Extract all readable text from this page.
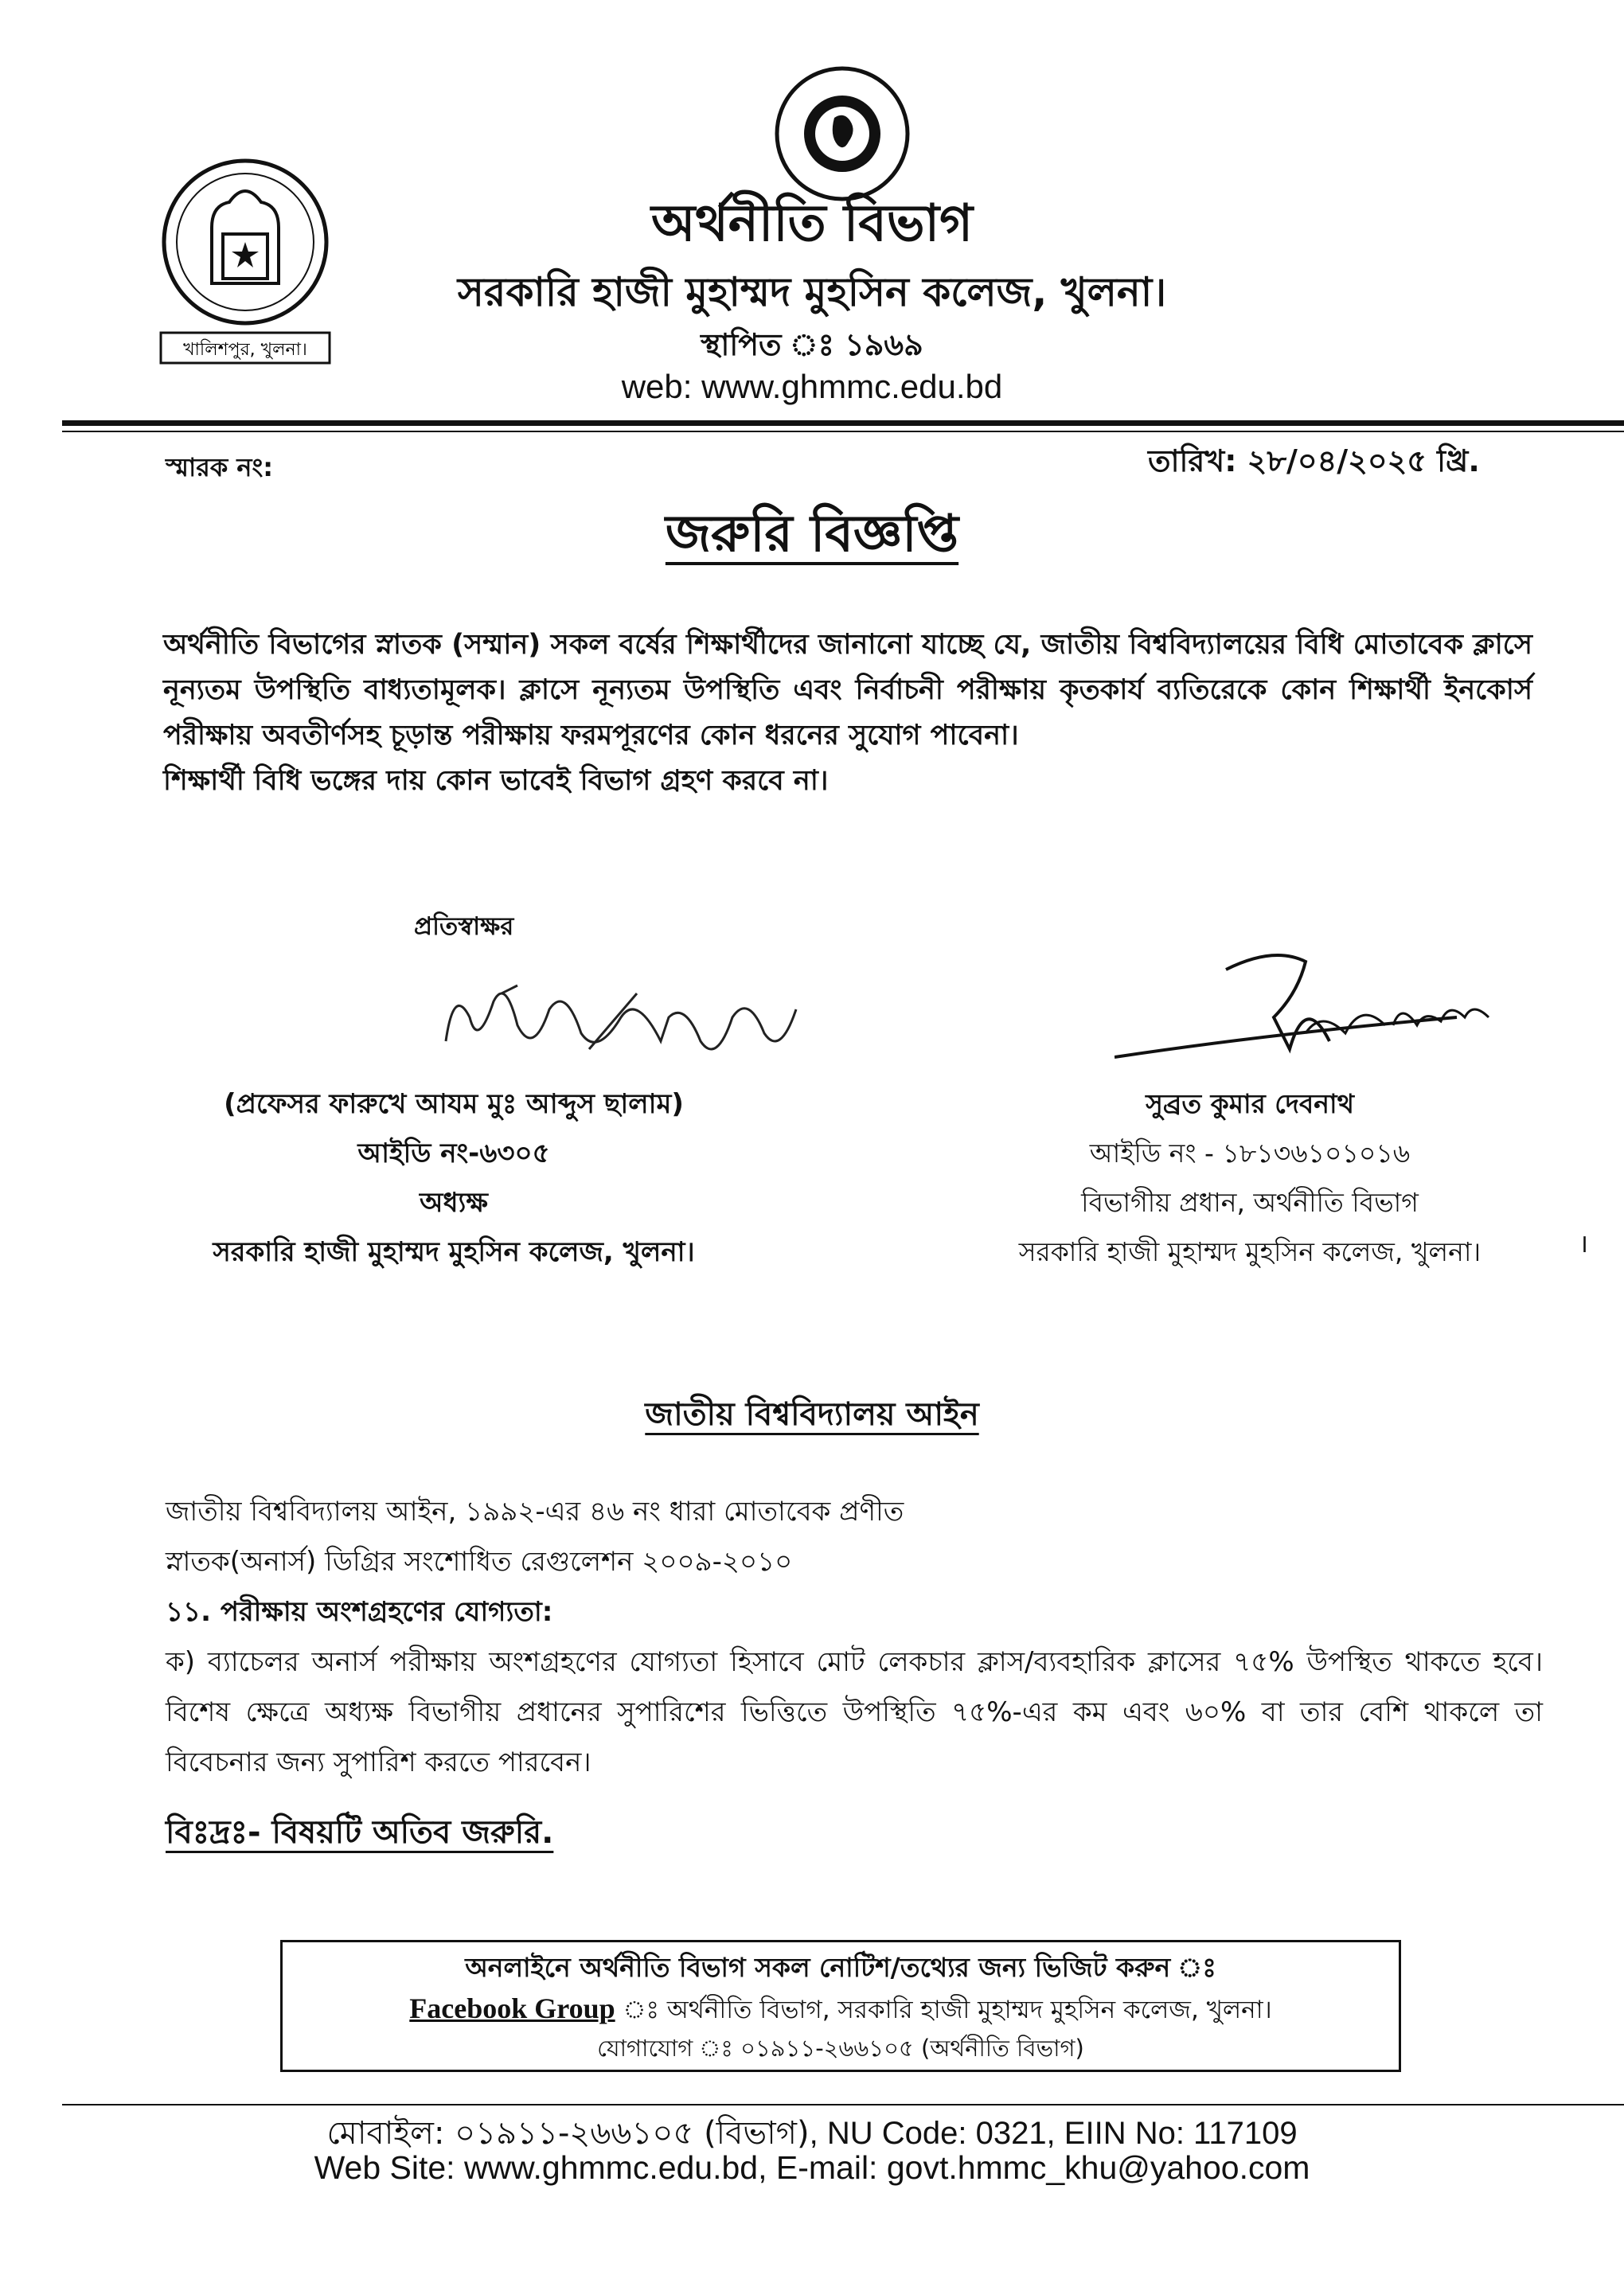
খালিশপুর, খুলনা।
অর্থনীতি বিভাগ
সরকারি হাজী মুহাম্মদ মুহসিন কলেজ, খুলনা।
স্থাপিত ঃ ১৯৬৯
web: www.ghmmc.edu.bd
স্মারক নং:	তারিখ: ২৮/০৪/২০২৫ খ্রি.
জরুরি বিজ্ঞপ্তি
অর্থনীতি বিভাগের স্নাতক (সম্মান) সকল বর্ষের শিক্ষার্থীদের জানানো যাচ্ছে যে, জাতীয় বিশ্ববিদ্যালয়ের বিধি মোতাবেক ক্লাসে নূন্যতম উপস্থিতি বাধ্যতামূলক। ক্লাসে নূন্যতম উপস্থিতি এবং নির্বাচনী পরীক্ষায় কৃতকার্য ব্যতিরেকে কোন শিক্ষার্থী ইনকোর্স পরীক্ষায় অবতীর্ণসহ চূড়ান্ত পরীক্ষায় ফরমপূরণের কোন ধরনের সুযোগ পাবেনা।
শিক্ষার্থী বিধি ভঙ্গের দায় কোন ভাবেই বিভাগ গ্রহণ করবে না।
প্রতিস্বাক্ষর
(প্রফেসর ফারুখে আযম মুঃ আব্দুস ছালাম)
আইডি নং-৬৩০৫
অধ্যক্ষ
সরকারি হাজী মুহাম্মদ মুহসিন কলেজ, খুলনা।
সুব্রত কুমার দেবনাথ
আইডি নং - ১৮১৩৬১০১০১৬
বিভাগীয় প্রধান, অর্থনীতি বিভাগ
সরকারি হাজী মুহাম্মদ মুহসিন কলেজ, খুলনা।	।
জাতীয় বিশ্ববিদ্যালয় আইন
জাতীয় বিশ্ববিদ্যালয় আইন, ১৯৯২-এর ৪৬ নং ধারা মোতাবেক প্রণীত
স্নাতক(অনার্স) ডিগ্রির সংশোধিত রেগুলেশন ২০০৯-২০১০
১১. পরীক্ষায় অংশগ্রহণের যোগ্যতা:
ক) ব্যাচেলর অনার্স পরীক্ষায় অংশগ্রহণের যোগ্যতা হিসাবে মোট লেকচার ক্লাস/ব্যবহারিক ক্লাসের ৭৫% উপস্থিত থাকতে হবে। বিশেষ ক্ষেত্রে অধ্যক্ষ বিভাগীয় প্রধানের সুপারিশের ভিত্তিতে উপস্থিতি ৭৫%-এর কম এবং ৬০% বা তার বেশি থাকলে তা বিবেচনার জন্য সুপারিশ করতে পারবেন।
বিঃদ্রঃ- বিষয়টি অতিব জরুরি.
অনলাইনে অর্থনীতি বিভাগ সকল নোটিশ/তথ্যের জন্য ভিজিট করুন ঃ
Facebook Group ঃ অর্থনীতি বিভাগ, সরকারি হাজী মুহাম্মদ মুহসিন কলেজ, খুলনা।
যোগাযোগ ঃ ০১৯১১-২৬৬১০৫ (অর্থনীতি বিভাগ)
মোবাইল: ০১৯১১-২৬৬১০৫ (বিভাগ), NU Code: 0321, EIIN No: 117109
Web Site: www.ghmmc.edu.bd, E-mail: govt.hmmc_khu@yahoo.com
